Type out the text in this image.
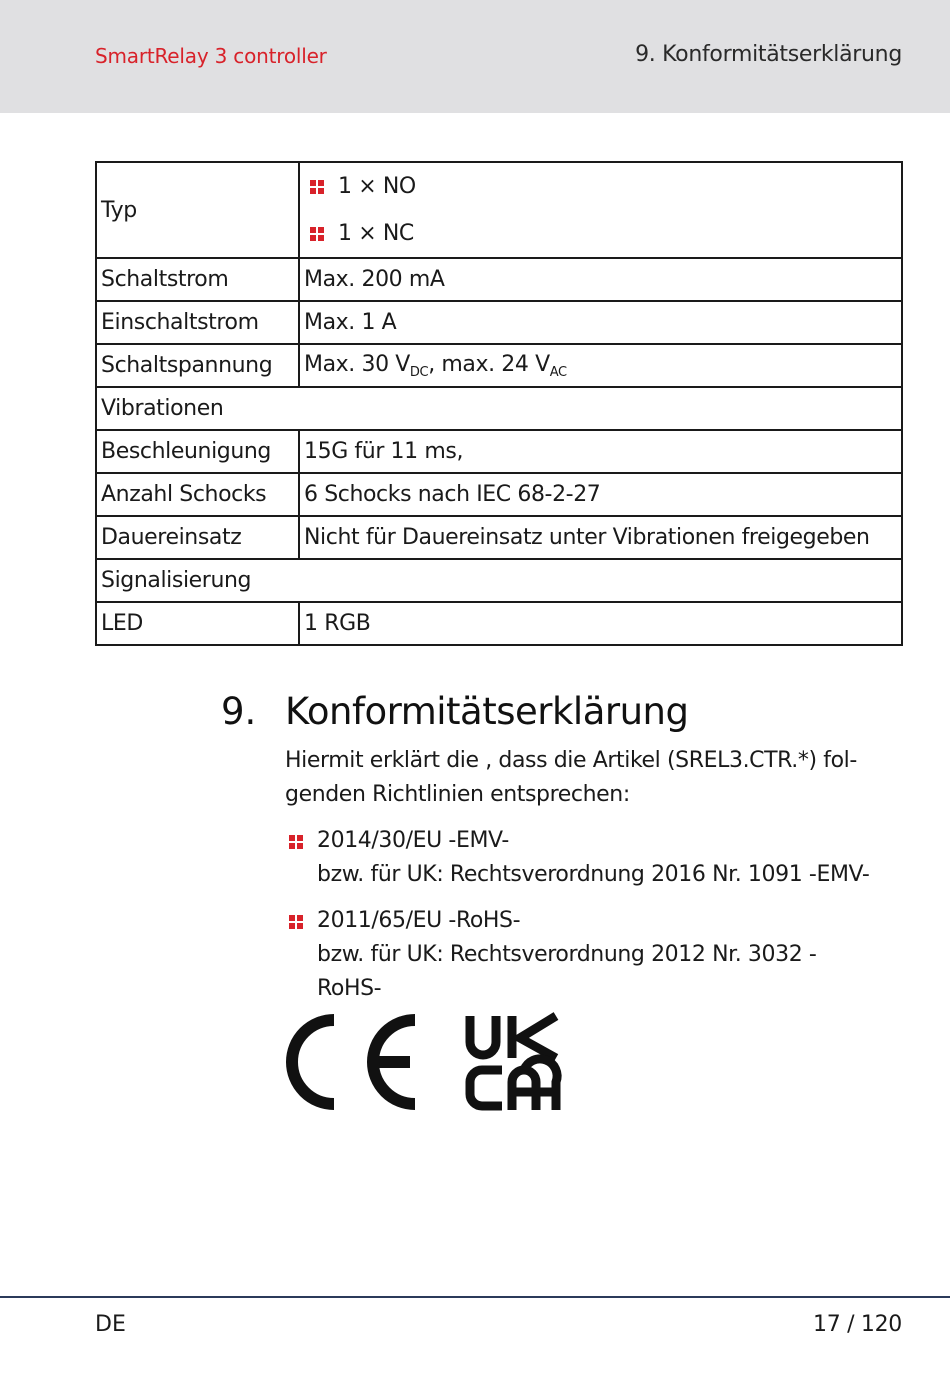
SmartRelay 3 controller	9. Konformitätserklärung
Typ	1 × NO
1 × NC

Schaltstrom	Max. 200 mA
Einschaltstrom	Max. 1 A
Schaltspannung	Max. 30 $V_{DC}$, max. 24 $V_{AC}$
Vibrationen	
Beschleunigung	15G für 11 ms,
Anzahl Schocks	6 Schocks nach IEC 68-2-27
Dauereinsatz	Nicht für Dauereinsatz unter Vibrationen freigegeben
Signalisierung	
LED	1 RGB
9. Konformitätserklärung
Hiermit erklärt die , dass die Artikel (SREL3.CTR.*) fol-genden Richtlinien entsprechen:
2014/30/EU -EMV-
bzw. für UK: Rechtsverordnung 2016 Nr. 1091 -EMV-
2011/65/EU -RoHS-
bzw. für UK: Rechtsverordnung 2012 Nr. 3032 -RoHS-
DE	17 / 120
